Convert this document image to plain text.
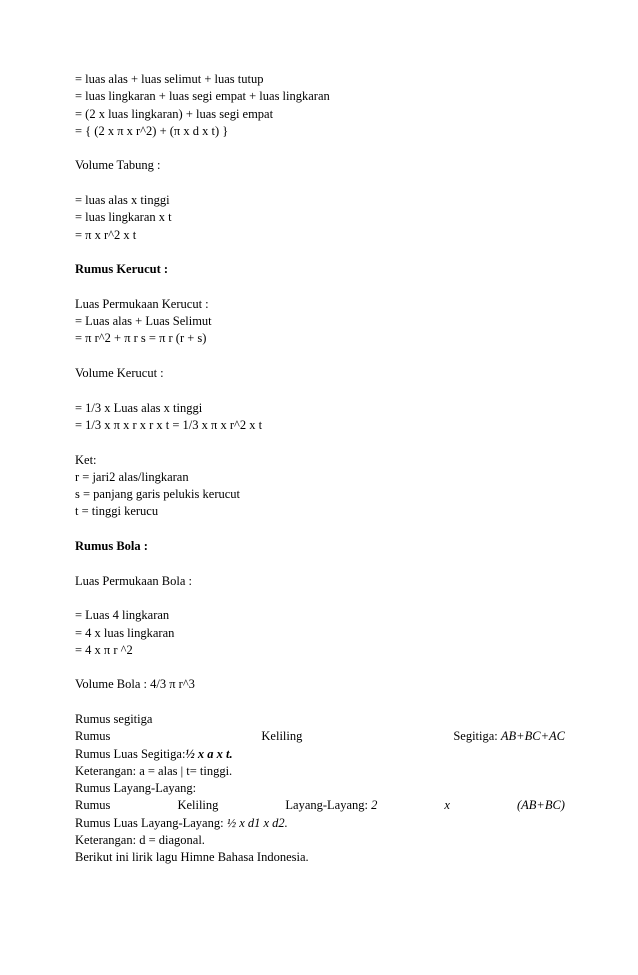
= luas alas + luas selimut + luas tutup
= luas lingkaran + luas segi empat + luas lingkaran
= (2 x luas lingkaran) + luas segi empat
= { (2 x π x r^2) + (π x d x t) }
Volume Tabung :
= luas alas x tinggi
= luas lingkaran x t
= π x r^2 x t
Rumus Kerucut :
Luas Permukaan Kerucut :
= Luas alas + Luas Selimut
= π r^2 + π r s = π r (r + s)
Volume Kerucut :
= 1/3 x Luas alas x tinggi
= 1/3 x π x r x r x t = 1/3 x π x r^2 x t
Ket:
r = jari2 alas/lingkaran
s = panjang garis pelukis kerucut
t = tinggi kerucu
Rumus Bola :
Luas Permukaan Bola :
= Luas 4 lingkaran
= 4 x luas lingkaran
= 4 x π r ^2
Volume Bola : 4/3 π r^3
Rumus segitiga
Rumus	Keliling	Segitiga: AB+BC+AC
Rumus Luas Segitiga:½ x a x t.
Keterangan: a = alas | t= tinggi.
Rumus Layang-Layang:
Rumus	Keliling	Layang-Layang: 2	x	(AB+BC)
Rumus Luas Layang-Layang: ½ x d1 x d2.
Keterangan: d = diagonal.
Berikut ini lirik lagu Himne Bahasa Indonesia.
